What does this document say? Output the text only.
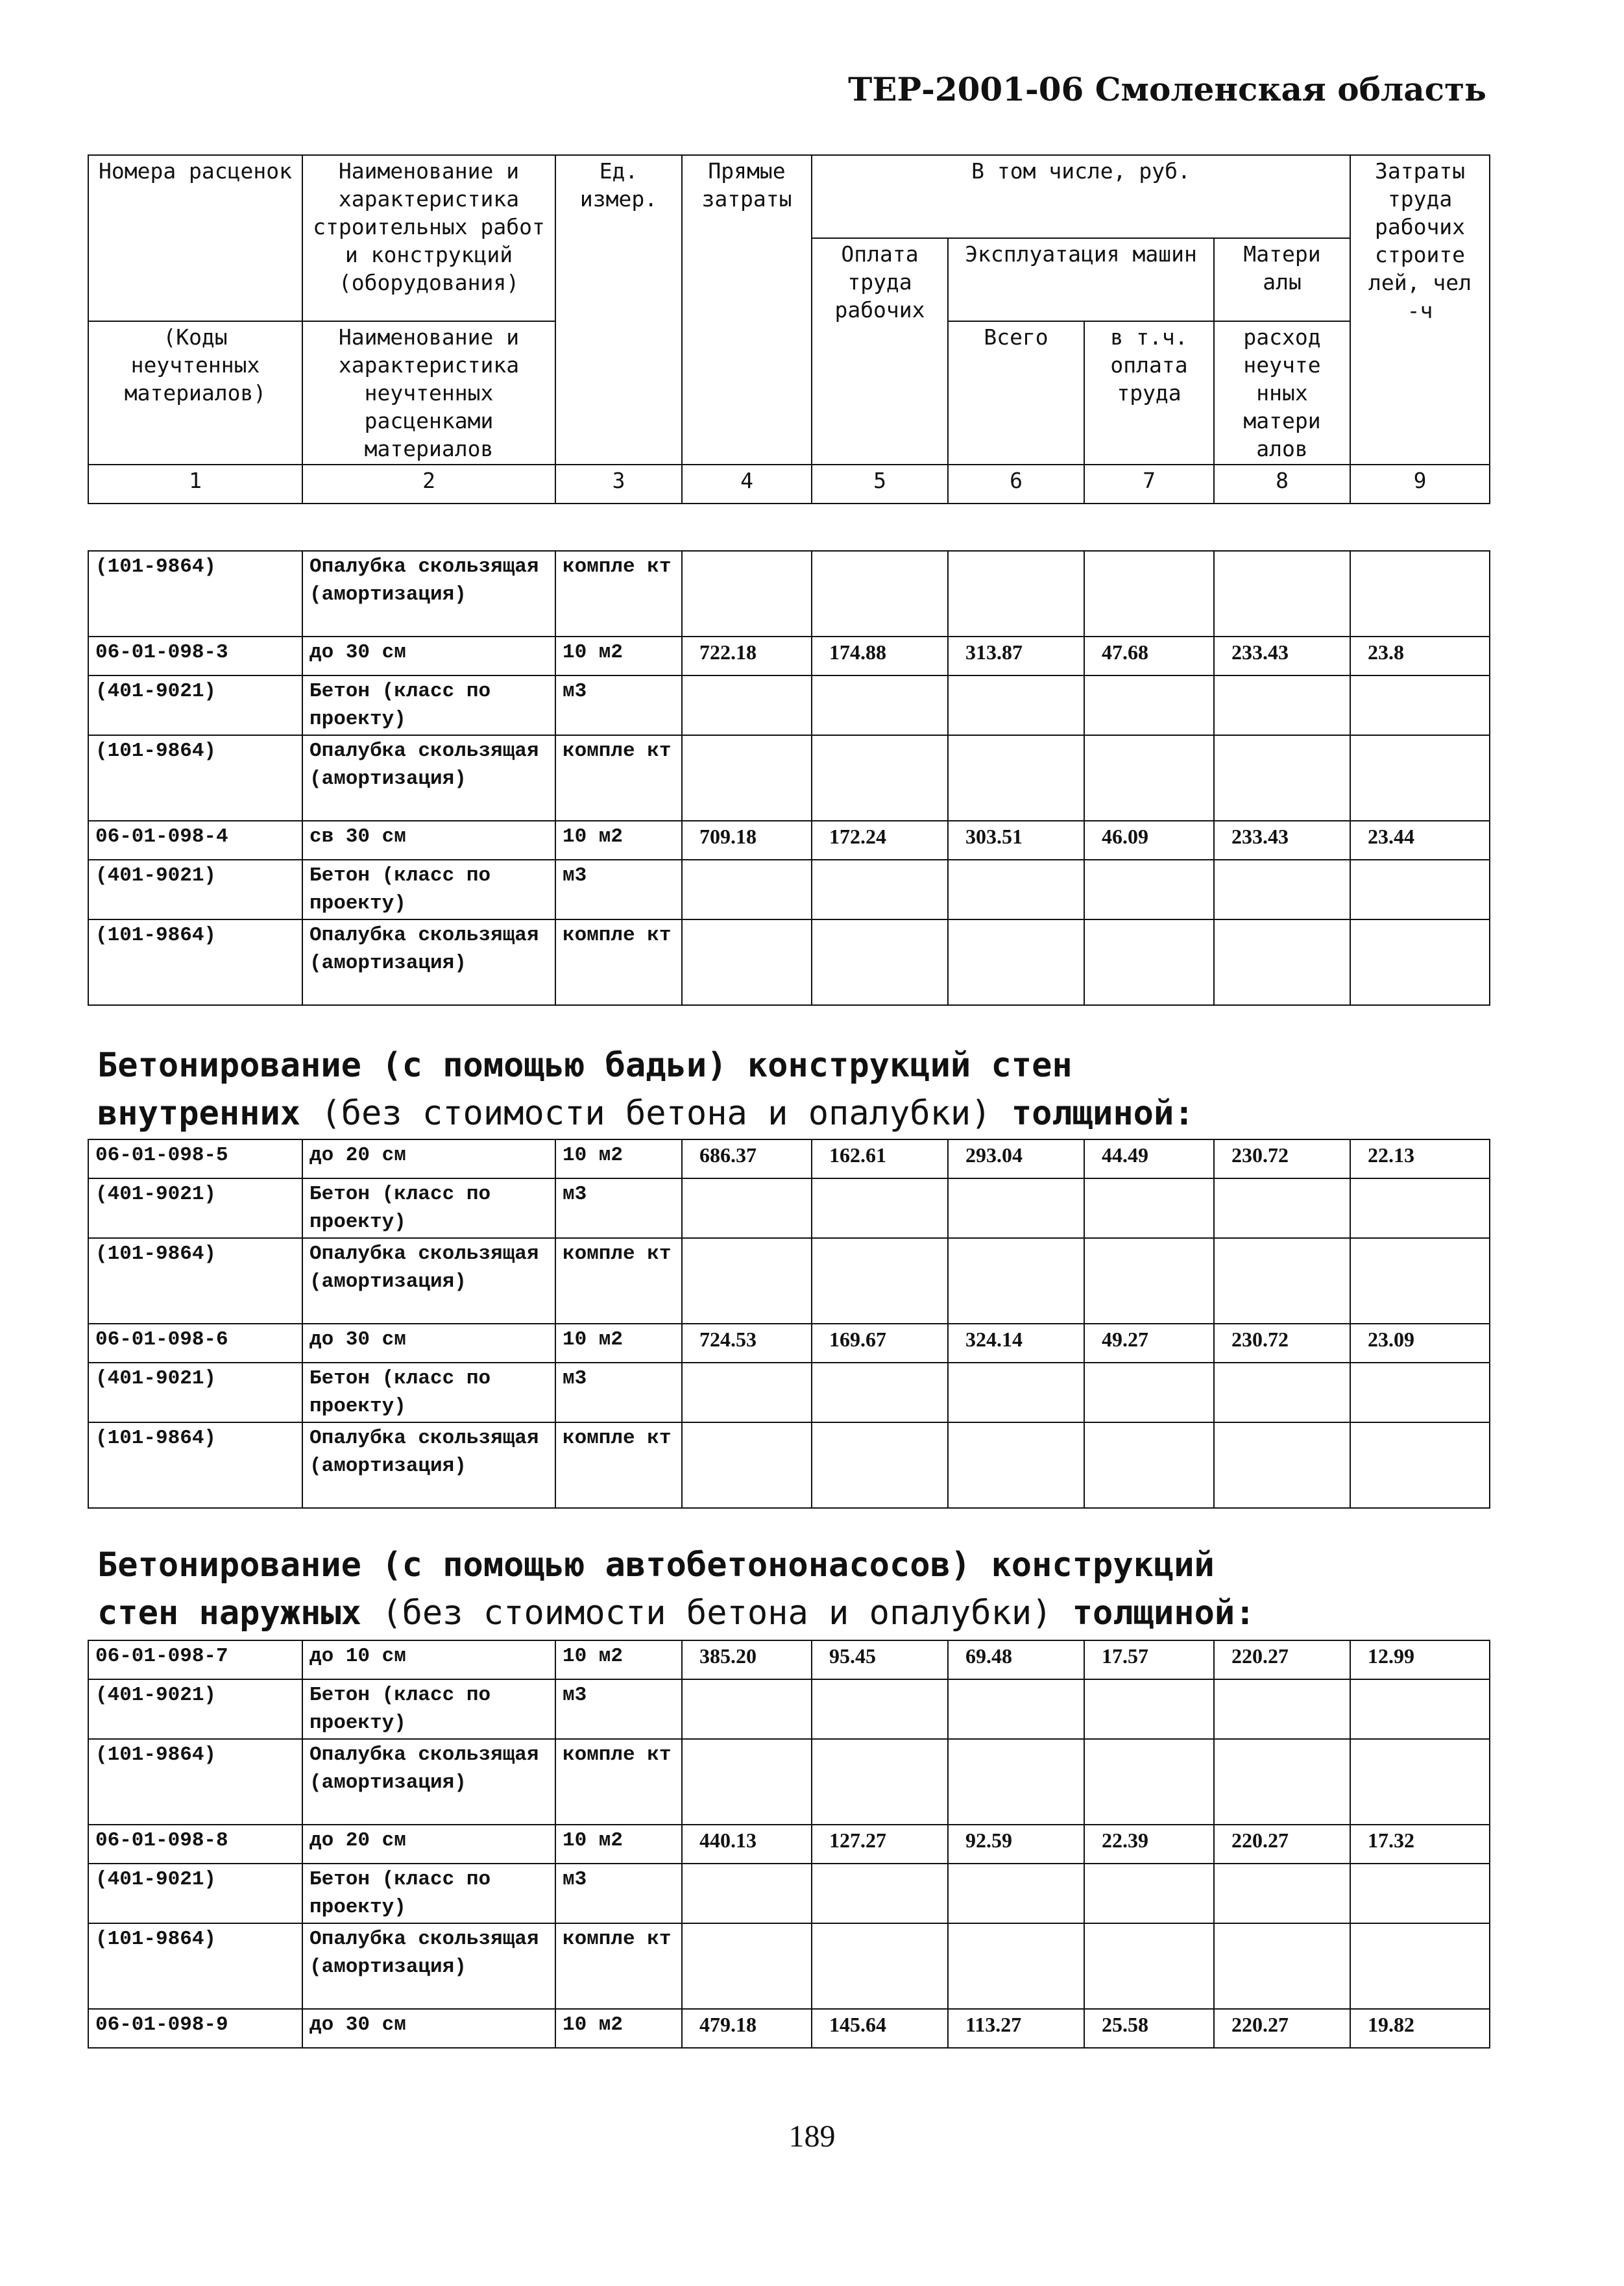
ТЕР-2001-06 Смоленская область
Номера расценок	Наименование и характеристика строительных работ и конструкций (оборудования)	Ед. измер.	Прямые затраты	В том числе, руб.				Затраты труда рабочих строите лей, чел -ч
				Оплата труда рабочих	Эксплуатация машин		Матери алы	
(Коды неучтенных материалов)	Наименование и характеристика неучтенных расценками материалов				Всего	в т.ч. оплата труда	расход неучте нных матери алов	
1	2	3	4	5	6	7	8	9
(101-9864)	Опалубка скользящая (амортизация)	компле кт						
06-01-098-3	до 30 см	10 м2	722.18	174.88	313.87	47.68	233.43	23.8
(401-9021)	Бетон (класс по проекту)	м3						
(101-9864)	Опалубка скользящая (амортизация)	компле кт						
06-01-098-4	св 30 см	10 м2	709.18	172.24	303.51	46.09	233.43	23.44
(401-9021)	Бетон (класс по проекту)	м3						
(101-9864)	Опалубка скользящая (амортизация)	компле кт						
Бетонирование (с помощью бадьи) конструкций стен
внутренних (без стоимости бетона и опалубки) толщиной:
06-01-098-5	до 20 см	10 м2	686.37	162.61	293.04	44.49	230.72	22.13
(401-9021)	Бетон (класс по проекту)	м3						
(101-9864)	Опалубка скользящая (амортизация)	компле кт						
06-01-098-6	до 30 см	10 м2	724.53	169.67	324.14	49.27	230.72	23.09
(401-9021)	Бетон (класс по проекту)	м3						
(101-9864)	Опалубка скользящая (амортизация)	компле кт						
Бетонирование (с помощью автобетононасосов) конструкций
стен наружных (без стоимости бетона и опалубки) толщиной:
06-01-098-7	до 10 см	10 м2	385.20	95.45	69.48	17.57	220.27	12.99
(401-9021)	Бетон (класс по проекту)	м3						
(101-9864)	Опалубка скользящая (амортизация)	компле кт						
06-01-098-8	до 20 см	10 м2	440.13	127.27	92.59	22.39	220.27	17.32
(401-9021)	Бетон (класс по проекту)	м3						
(101-9864)	Опалубка скользящая (амортизация)	компле кт						
06-01-098-9	до 30 см	10 м2	479.18	145.64	113.27	25.58	220.27	19.82
189
